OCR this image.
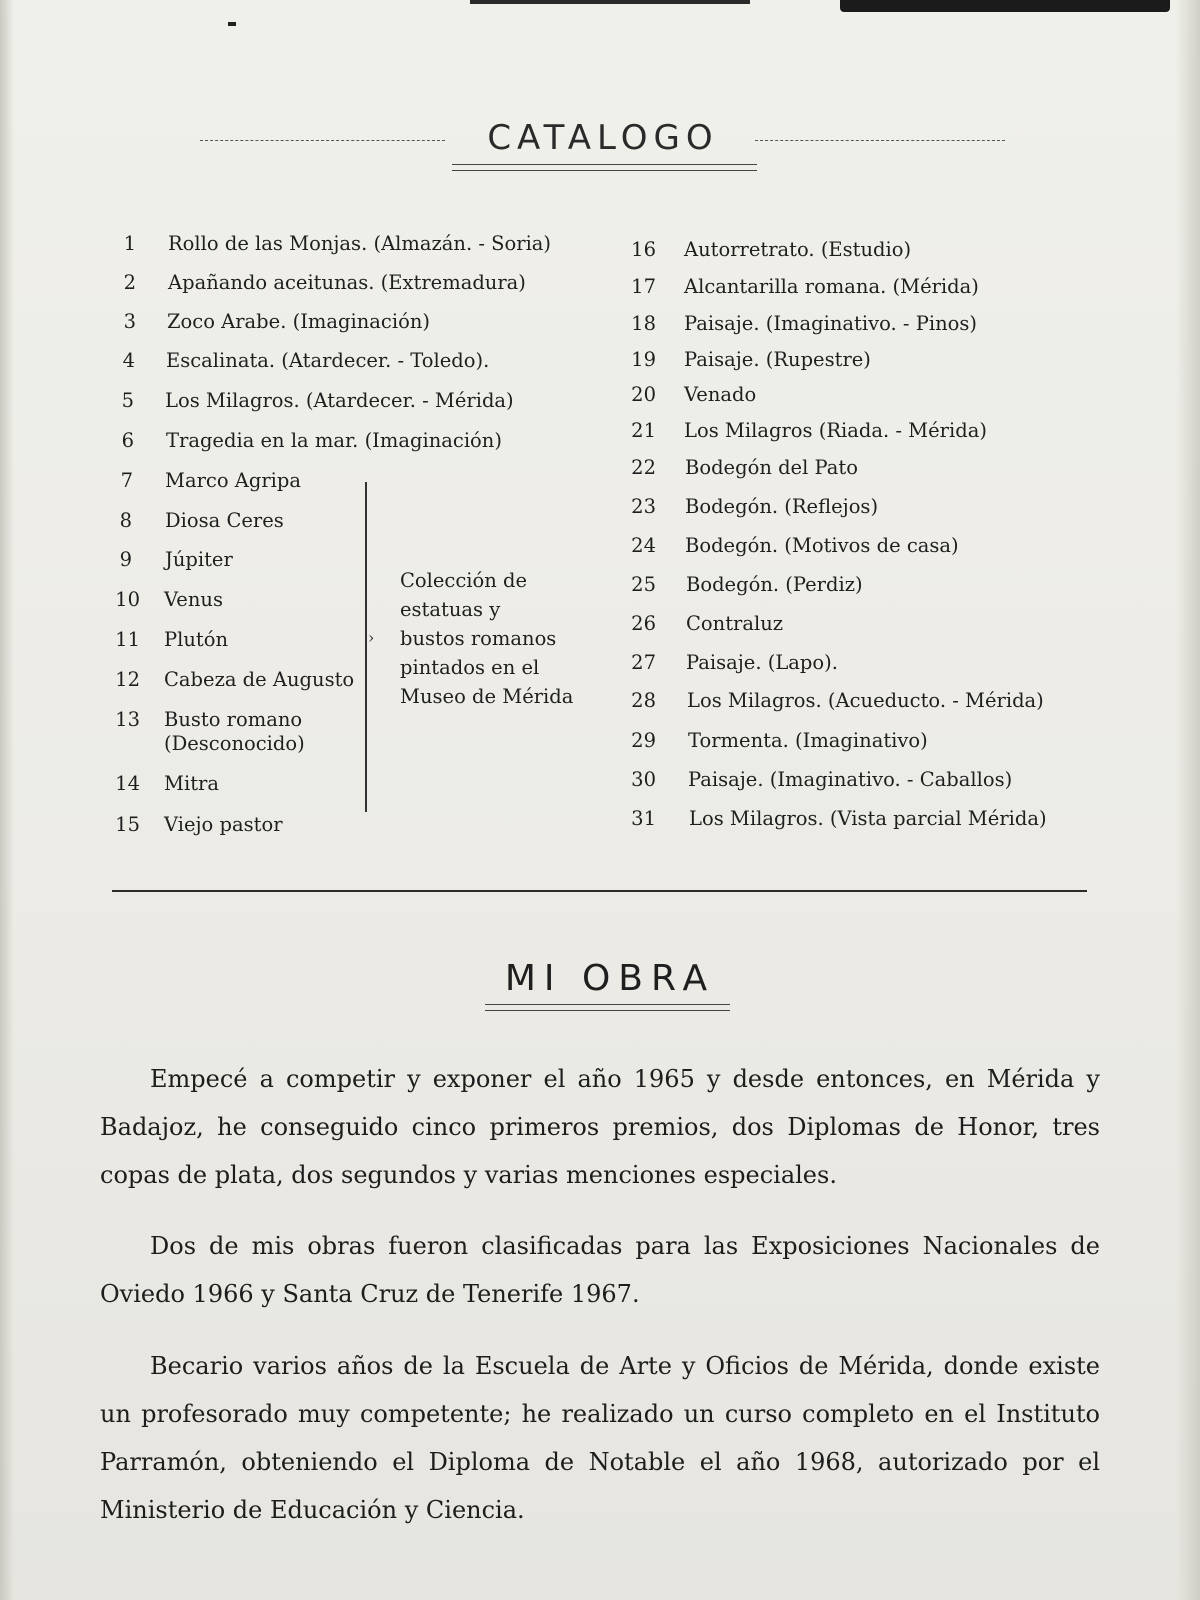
CATALOGO
1 Rollo de las Monjas. (Almazán. - Soria)
2 Apañando aceitunas. (Extremadura)
3 Zoco Arabe. (Imaginación)
4 Escalinata. (Atardecer. - Toledo).
5 Los Milagros. (Atardecer. - Mérida)
6 Tragedia en la mar. (Imaginación)
7 Marco Agripa
8 Diosa Ceres
9 Júpiter
10 Venus
11 Plutón
12 Cabeza de Augusto
13 Busto romano
(Desconocido)
14 Mitra
15 Viejo pastor
›
Colección de
estatuas y
bustos romanos
pintados en el
Museo de Mérida
16 Autorretrato. (Estudio)
17 Alcantarilla romana. (Mérida)
18 Paisaje. (Imaginativo. - Pinos)
19 Paisaje. (Rupestre)
20 Venado
21 Los Milagros (Riada. - Mérida)
22 Bodegón del Pato
23 Bodegón. (Reflejos)
24 Bodegón. (Motivos de casa)
25 Bodegón. (Perdiz)
26 Contraluz
27 Paisaje. (Lapo).
28 Los Milagros. (Acueducto. - Mérida)
29 Tormenta. (Imaginativo)
30 Paisaje. (Imaginativo. - Caballos)
31 Los Milagros. (Vista parcial Mérida)
MI OBRA
Empecé a competir y exponer el año 1965 y desde entonces, en Mérida y Badajoz, he conseguido cinco primeros premios, dos Diplomas de Honor, tres copas de plata, dos segundos y varias menciones especiales.
Dos de mis obras fueron clasificadas para las Exposiciones Nacionales de Oviedo 1966 y Santa Cruz de Tenerife 1967.
Becario varios años de la Escuela de Arte y Oficios de Mérida, donde existe un profesorado muy competente; he realizado un curso completo en el Instituto Parramón, obteniendo el Diploma de Notable el año 1968, autorizado por el Ministerio de Educación y Ciencia.
